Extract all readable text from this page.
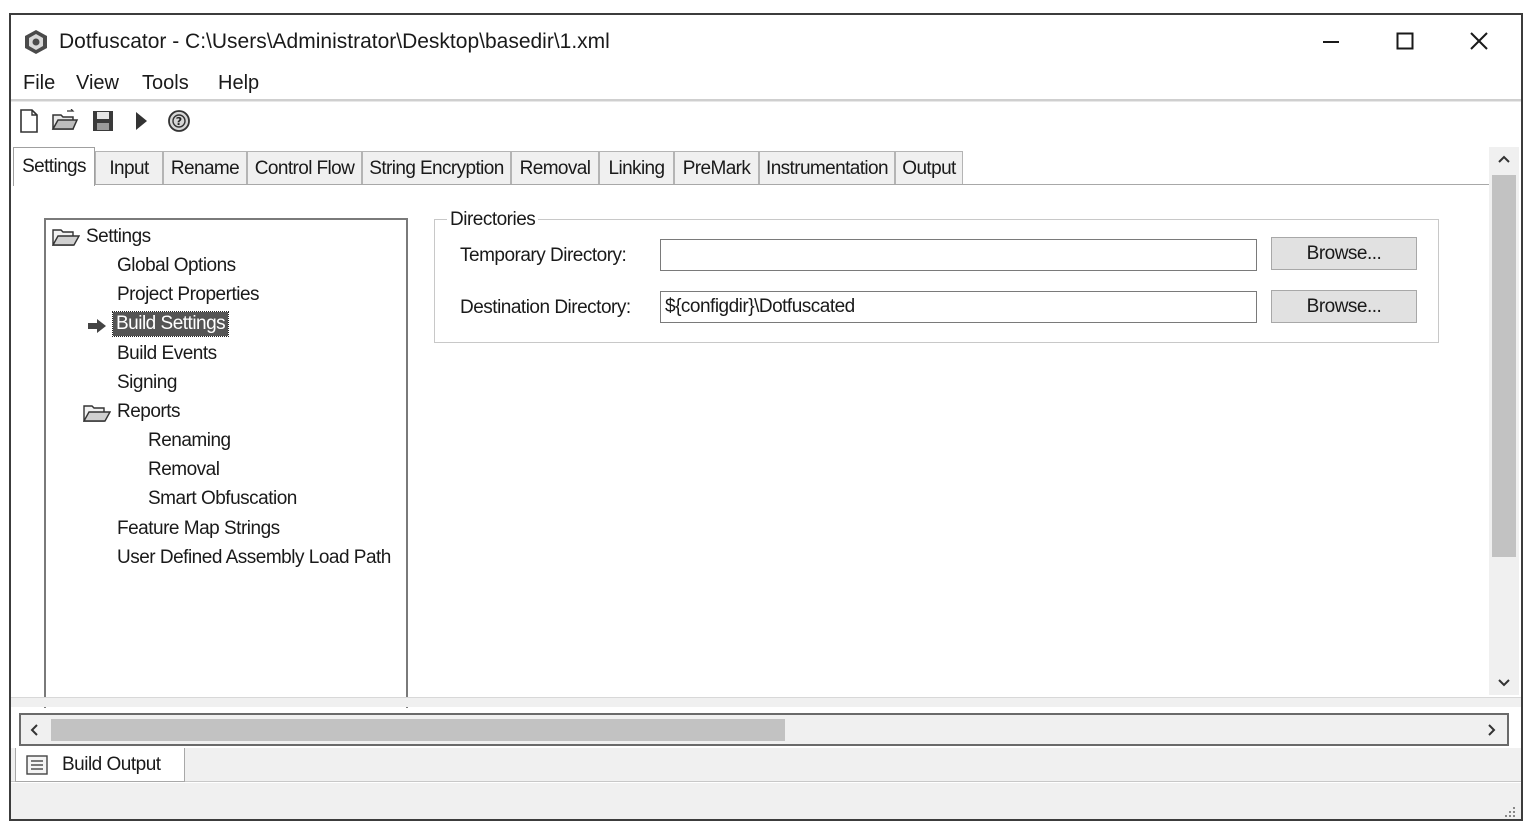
Dotfuscator - C:\Users\Administrator\Desktop\basedir\1.xml
File View Tools Help
?
Settings	Input	Rename Control Flow String Encryption Removal Linking PreMark Instrumentation Output
Settings
Global Options
Project Properties
Build Settings
Build Events
Signing
Reports
Renaming
Removal
Smart Obfuscation
Feature Map Strings
User Defined Assembly Load Path
Directories
Temporary Directory:	Browse...
Destination Directory:
${configdir}\Dotfuscated	Browse...
Build Output
